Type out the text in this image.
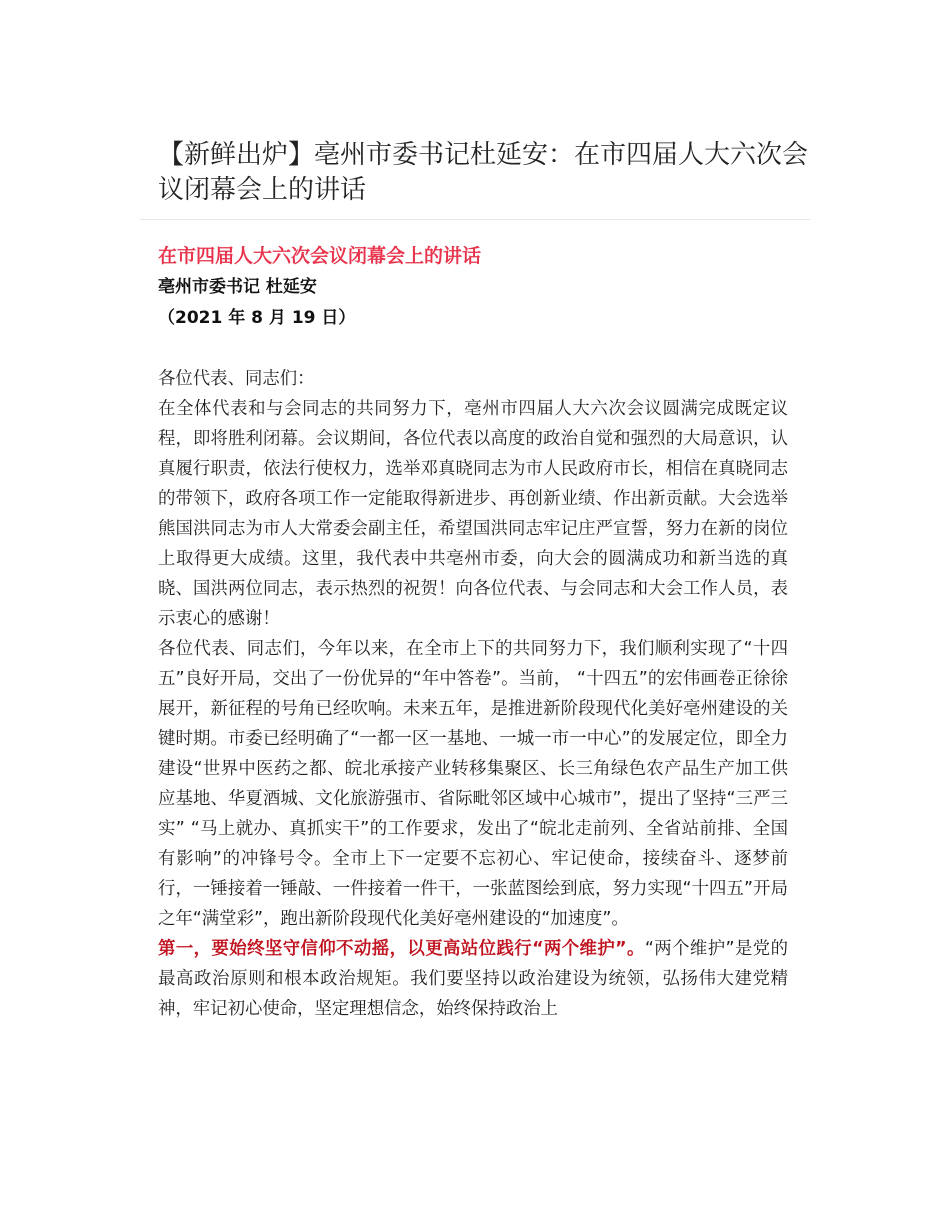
【新鲜出炉】亳州市委书记杜延安：在市四届人大六次会议闭幕会上的讲话

在市四届人大六次会议闭幕会上的讲话

亳州市委书记 杜延安

（2021 年 8 月 19 日）

各位代表、同志们：

在全体代表和与会同志的共同努力下，亳州市四届人大六次会议圆满完成既定议程，即将胜利闭幕。会议期间，各位代表以高度的政治自觉和强烈的大局意识，认真履行职责，依法行使权力，选举邓真晓同志为市人民政府市长，相信在真晓同志的带领下，政府各项工作一定能取得新进步、再创新业绩、作出新贡献。大会选举熊国洪同志为市人大常委会副主任，希望国洪同志牢记庄严宣誓，努力在新的岗位上取得更大成绩。这里，我代表中共亳州市委，向大会的圆满成功和新当选的真晓、国洪两位同志，表示热烈的祝贺！向各位代表、与会同志和大会工作人员，表示衷心的感谢！

各位代表、同志们，今年以来，在全市上下的共同努力下，我们顺利实现了“十四五”良好开局，交出了一份优异的“年中答卷”。当前， “十四五”的宏伟画卷正徐徐展开，新征程的号角已经吹响。未来五年，是推进新阶段现代化美好亳州建设的关键时期。市委已经明确了“一都一区一基地、一城一市一中心”的发展定位，即全力建设“世界中医药之都、皖北承接产业转移集聚区、长三角绿色农产品生产加工供应基地、华夏酒城、文化旅游强市、省际毗邻区域中心城市”，提出了坚持“三严三实” “马上就办、真抓实干”的工作要求，发出了“皖北走前列、全省站前排、全国有影响”的冲锋号令。全市上下一定要不忘初心、牢记使命，接续奋斗、逐梦前行，一锤接着一锤敲、一件接着一件干，一张蓝图绘到底，努力实现“十四五”开局之年“满堂彩”，跑出新阶段现代化美好亳州建设的“加速度”。

第一，要始终坚守信仰不动摇，以更高站位践行“两个维护”。“两个维护”是党的最高政治原则和根本政治规矩。我们要坚持以政治建设为统领，弘扬伟大建党精神，牢记初心使命，坚定理想信念，始终保持政治上
